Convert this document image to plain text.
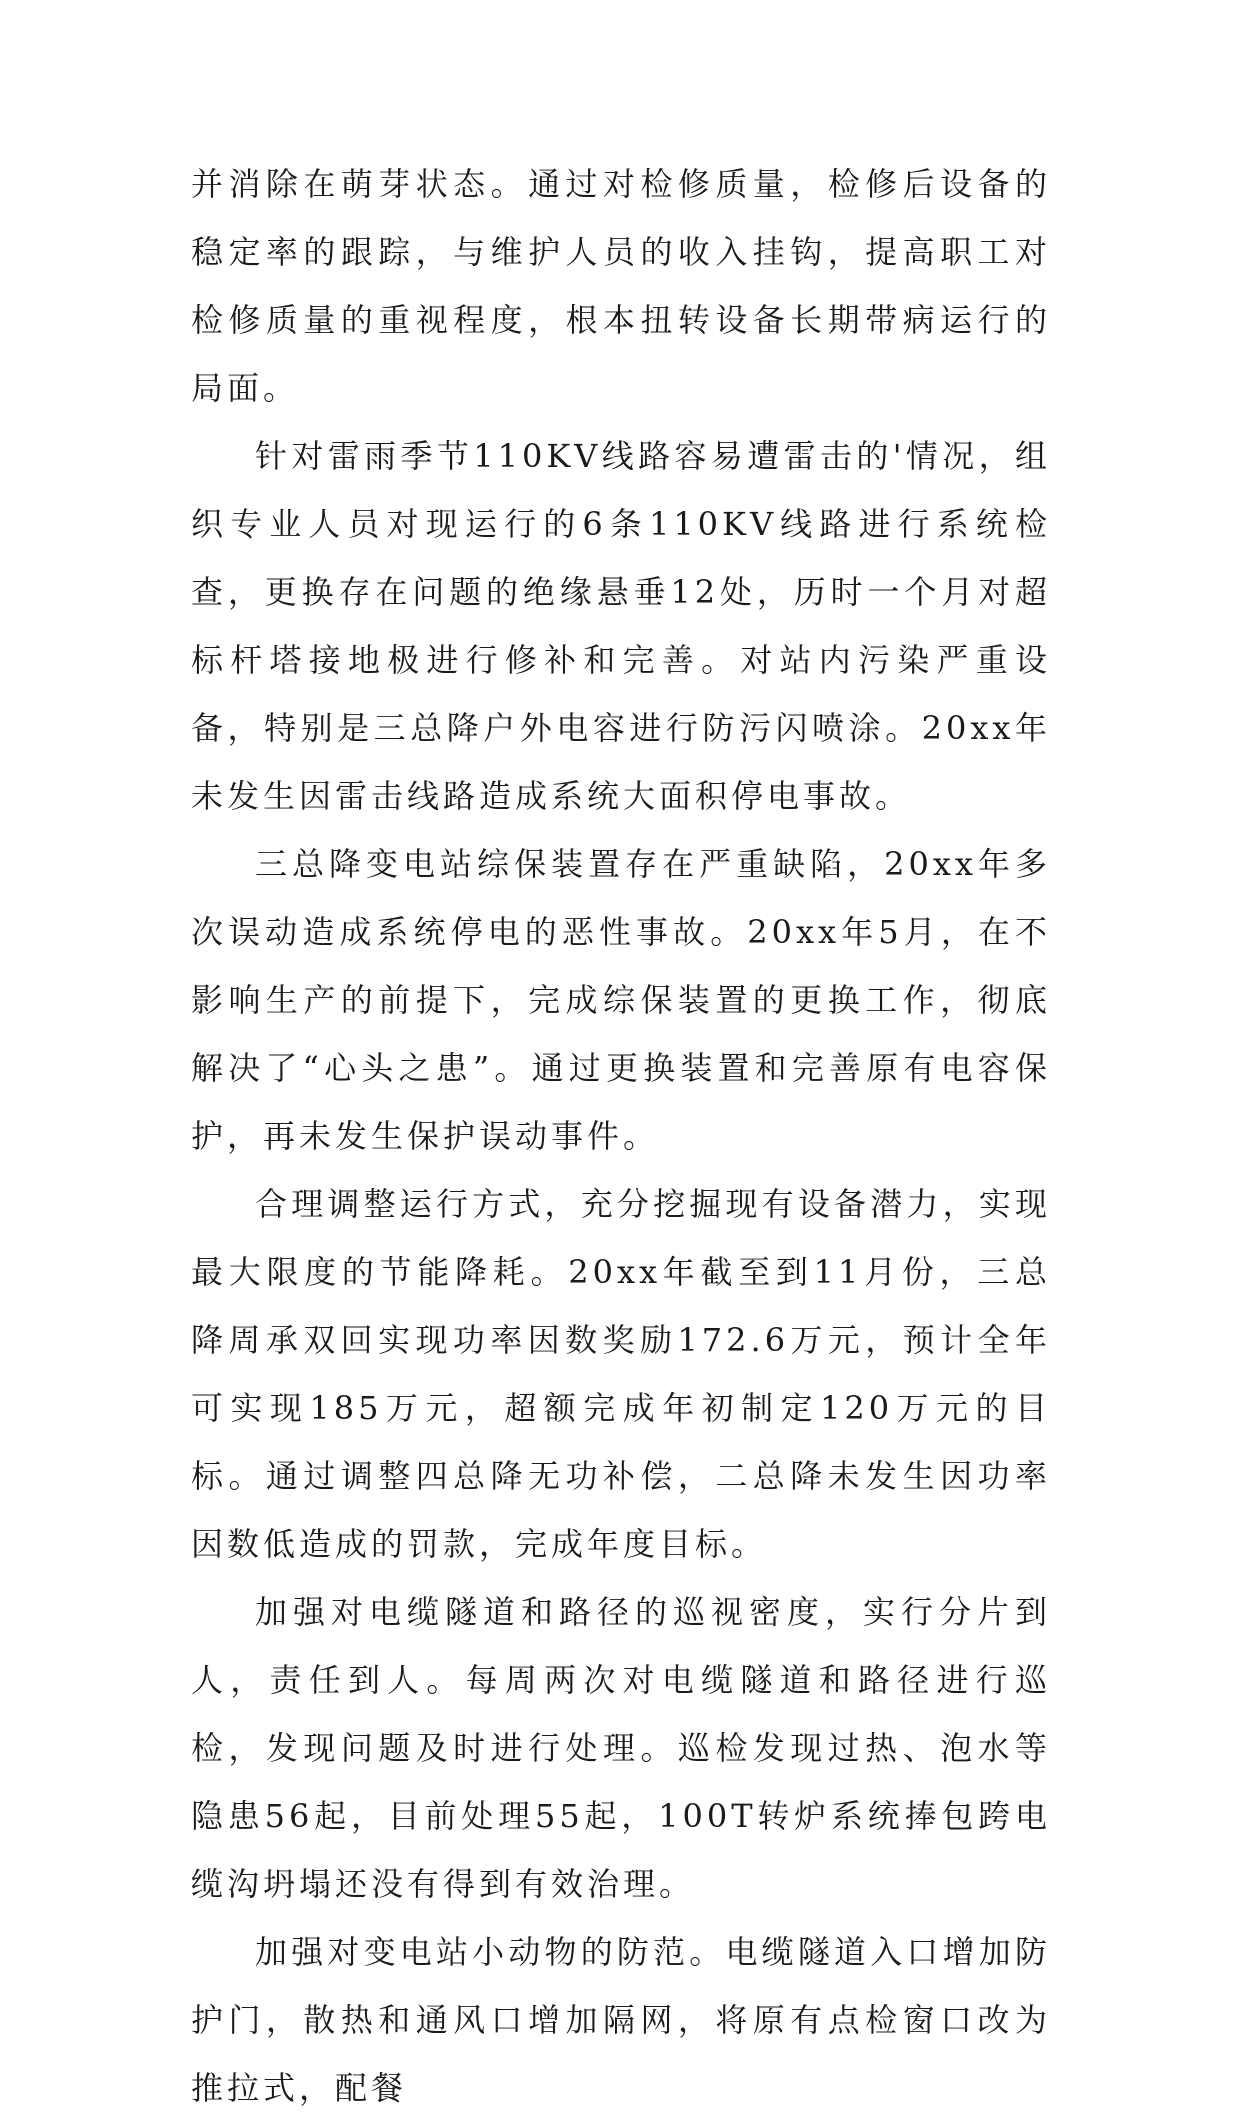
并消除在萌芽状态。通过对检修质量，检修后设备的稳定率的跟踪，与维护人员的收入挂钩，提高职工对检修质量的重视程度，根本扭转设备长期带病运行的局面。

针对雷雨季节110KV线路容易遭雷击的'情况，组织专业人员对现运行的6条110KV线路进行系统检查，更换存在问题的绝缘悬垂12处，历时一个月对超标杆塔接地极进行修补和完善。对站内污染严重设备，特别是三总降户外电容进行防污闪喷涂。20xx年未发生因雷击线路造成系统大面积停电事故。

三总降变电站综保装置存在严重缺陷，20xx年多次误动造成系统停电的恶性事故。20xx年5月，在不影响生产的前提下，完成综保装置的更换工作，彻底解决了“心头之患”。通过更换装置和完善原有电容保护，再未发生保护误动事件。

合理调整运行方式，充分挖掘现有设备潜力，实现最大限度的节能降耗。20xx年截至到11月份，三总降周承双回实现功率因数奖励172.6万元，预计全年可实现185万元，超额完成年初制定120万元的目标。通过调整四总降无功补偿，二总降未发生因功率因数低造成的罚款，完成年度目标。

加强对电缆隧道和路径的巡视密度，实行分片到人，责任到人。每周两次对电缆隧道和路径进行巡检，发现问题及时进行处理。巡检发现过热、泡水等隐患56起，目前处理55起，100T转炉系统捧包跨电缆沟坍塌还没有得到有效治理。

加强对变电站小动物的防范。电缆隧道入口增加防护门，散热和通风口增加隔网，将原有点检窗口改为推拉式，配餐
